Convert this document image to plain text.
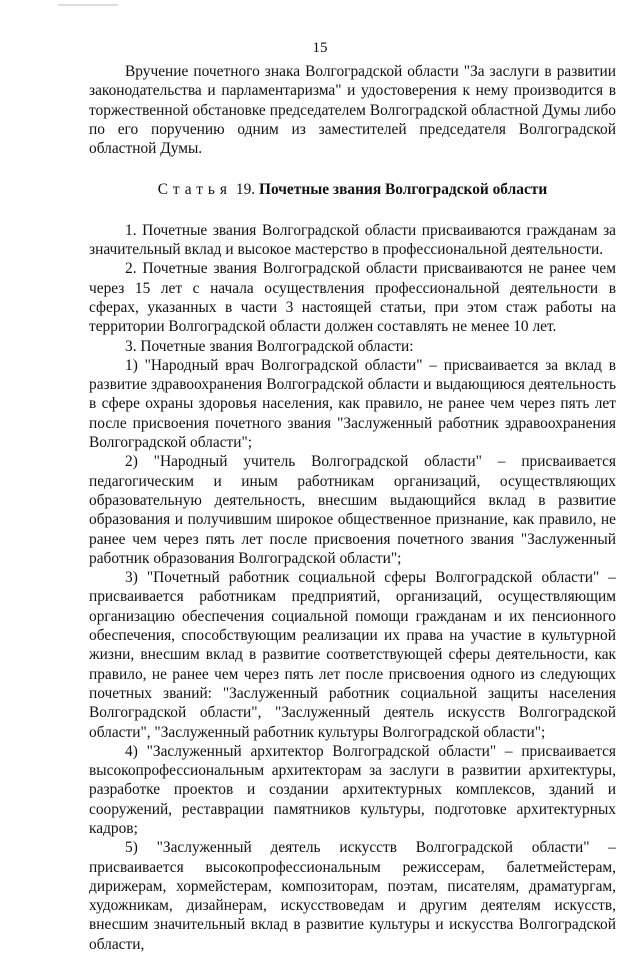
15

Вручение почетного знака Волгоградской области "За заслуги в развитии законодательства и парламентаризма" и удостоверения к нему производится в торжественной обстановке председателем Волгоградской областной Думы либо по его поручению одним из заместителей председателя Волгоградской областной Думы.

Статья 19. Почетные звания Волгоградской области

1. Почетные звания Волгоградской области присваиваются гражданам за значительный вклад и высокое мастерство в профессиональной деятельности.

2. Почетные звания Волгоградской области присваиваются не ранее чем через 15 лет с начала осуществления профессиональной деятельности в сферах, указанных в части 3 настоящей статьи, при этом стаж работы на территории Волгоградской области должен составлять не менее 10 лет.

3. Почетные звания Волгоградской области:

1) "Народный врач Волгоградской области" – присваивается за вклад в развитие здравоохранения Волгоградской области и выдающиюся деятельность в сфере охраны здоровья населения, как правило, не ранее чем через пять лет после присвоения почетного звания "Заслуженный работник здравоохранения Волгоградской области";

2) "Народный учитель Волгоградской области" – присваивается педагогическим и иным работникам организаций, осуществляющих образовательную деятельность, внесшим выдающийся вклад в развитие образования и получившим широкое общественное признание, как правило, не ранее чем через пять лет после присвоения почетного звания "Заслуженный работник образования Волгоградской области";

3) "Почетный работник социальной сферы Волгоградской области" – присваивается работникам предприятий, организаций, осуществляющим организацию обеспечения социальной помощи гражданам и их пенсионного обеспечения, способствующим реализации их права на участие в культурной жизни, внесшим вклад в развитие соответствующей сферы деятельности, как правило, не ранее чем через пять лет после присвоения одного из следующих почетных званий: "Заслуженный работник социальной защиты населения Волгоградской области", "Заслуженный деятель искусств Волгоградской области", "Заслуженный работник культуры Волгоградской области";

4) "Заслуженный архитектор Волгоградской области" – присваивается высокопрофессиональным архитекторам за заслуги в развитии архитектуры, разработке проектов и создании архитектурных комплексов, зданий и сооружений, реставрации памятников культуры, подготовке архитектурных кадров;

5) "Заслуженный деятель искусств Волгоградской области" – присваивается высокопрофессиональным режиссерам, балетмейстерам, дирижерам, хормейстерам, композиторам, поэтам, писателям, драматургам, художникам, дизайнерам, искусствоведам и другим деятелям искусств, внесшим значительный вклад в развитие культуры и искусства Волгоградской области,
